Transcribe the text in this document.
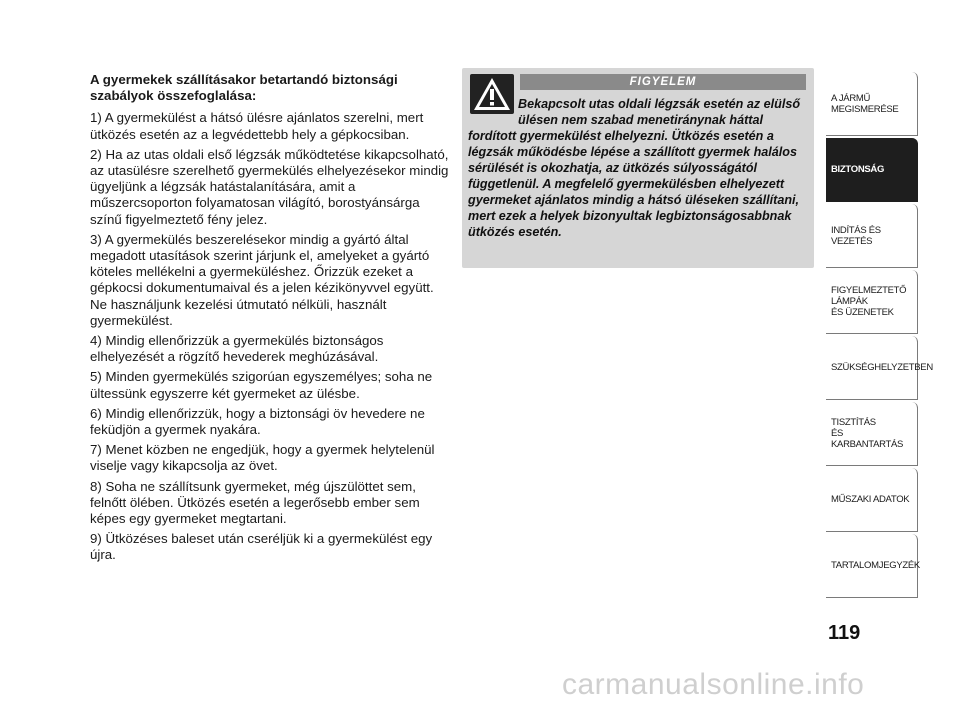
A gyermekek szállításakor betartandó biztonsági szabályok összefoglalása:

1) A gyermekülést a hátsó ülésre ajánlatos szerelni, mert ütközés esetén az a legvédettebb hely a gépkocsiban.

2) Ha az utas oldali első légzsák működtetése kikapcsolható, az utasülésre szerelhető gyermekülés elhelyezésekor mindig ügyeljünk a légzsák hatástalanítására, amit a műszercsoporton folyamatosan világító, borostyánsárga színű figyelmeztető fény jelez.

3) A gyermekülés beszerelésekor mindig a gyártó által megadott utasítások szerint járjunk el, amelyeket a gyártó köteles mellékelni a gyermeküléshez. Őrizzük ezeket a gépkocsi dokumentumaival és a jelen kézikönyvvel együtt. Ne használjunk kezelési útmutató nélküli, használt gyermekülést.

4) Mindig ellenőrizzük a gyermekülés biztonságos elhelyezését a rögzítő hevederek meghúzásával.

5) Minden gyermekülés szigorúan egyszemélyes; soha ne ültessünk egyszerre két gyermeket az ülésbe.

6) Mindig ellenőrizzük, hogy a biztonsági öv hevedere ne feküdjön a gyermek nyakára.

7) Menet közben ne engedjük, hogy a gyermek helytelenül viselje vagy kikapcsolja az övet.

8) Soha ne szállítsunk gyermeket, még újszülöttet sem, felnőtt ölében. Ütközés esetén a legerősebb ember sem képes egy gyermeket megtartani.

9) Ütközéses baleset után cseréljük ki a gyermekülést egy újra.

FIGYELEM
Bekapcsolt utas oldali légzsák esetén az elülső ülésen nem szabad menetiránynak háttal fordított gyermekülést elhelyezni. Ütközés esetén a légzsák működésbe lépése a szállított gyermek halálos sérülését is okozhatja, az ütközés súlyosságától függetlenül. A megfelelő gyermekülésben elhelyezett gyermeket ajánlatos mindig a hátsó üléseken szállítani, mert ezek a helyek bizonyultak legbiztonságosabbnak ütközés esetén.
A JÁRMŰ
MEGISMERÉSE
BIZTONSÁG
INDÍTÁS ÉS VEZETÉS
FIGYELMEZTETŐ
LÁMPÁK
ÉS ÜZENETEK
SZÜKSÉGHELYZETBEN
TISZTÍTÁS
ÉS KARBANTARTÁS
MŰSZAKI ADATOK
TARTALOMJEGYZÉK
119
carmanualsonline.info
